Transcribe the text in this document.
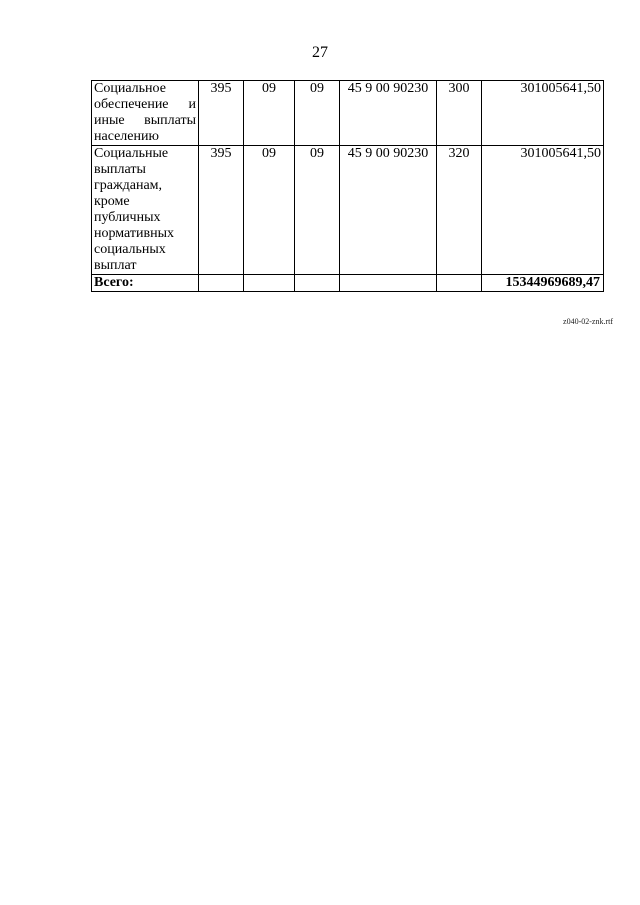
27
Социальное обеспечение и иные выплаты населению	395	09	09	45 9 00 90230	300	301005641,50
Социальные выплаты гражданам, кроме публичных нормативных социальных выплат	395	09	09	45 9 00 90230	320	301005641,50
Всего:						15344969689,47
z040-02-znk.rtf
